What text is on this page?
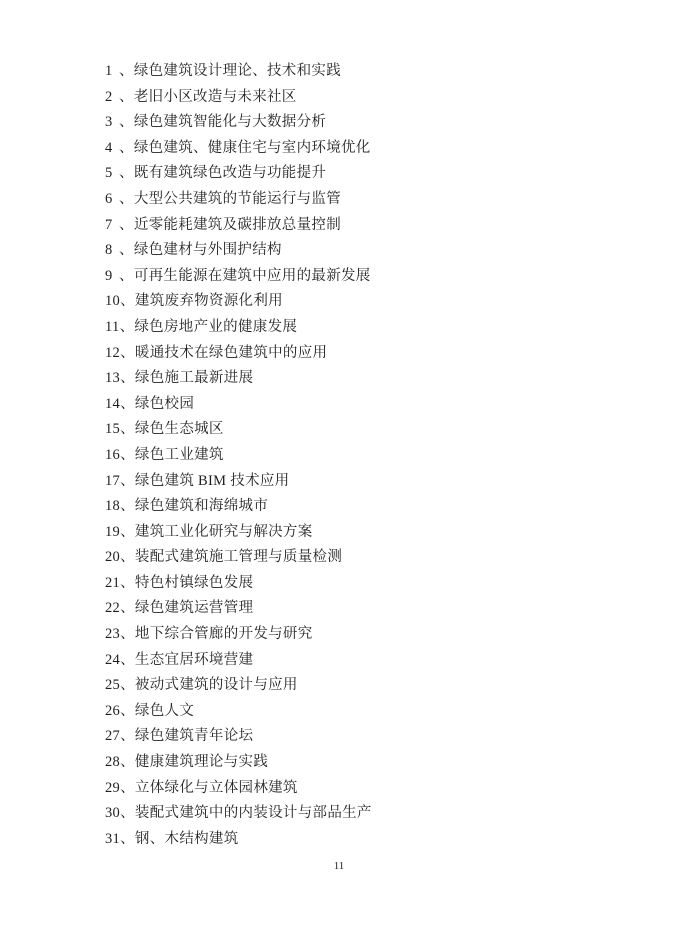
1 、绿色建筑设计理论、技术和实践
2 、老旧小区改造与未来社区
3 、绿色建筑智能化与大数据分析
4 、绿色建筑、健康住宅与室内环境优化
5 、既有建筑绿色改造与功能提升
6 、大型公共建筑的节能运行与监管
7 、近零能耗建筑及碳排放总量控制
8 、绿色建材与外围护结构
9 、可再生能源在建筑中应用的最新发展
10、建筑废弃物资源化利用
11、绿色房地产业的健康发展
12、暖通技术在绿色建筑中的应用
13、绿色施工最新进展
14、绿色校园
15、绿色生态城区
16、绿色工业建筑
17、绿色建筑 BIM 技术应用
18、绿色建筑和海绵城市
19、建筑工业化研究与解决方案
20、装配式建筑施工管理与质量检测
21、特色村镇绿色发展
22、绿色建筑运营管理
23、地下综合管廊的开发与研究
24、生态宜居环境营建
25、被动式建筑的设计与应用
26、绿色人文
27、绿色建筑青年论坛
28、健康建筑理论与实践
29、立体绿化与立体园林建筑
30、装配式建筑中的内装设计与部品生产
31、钢、木结构建筑
11
